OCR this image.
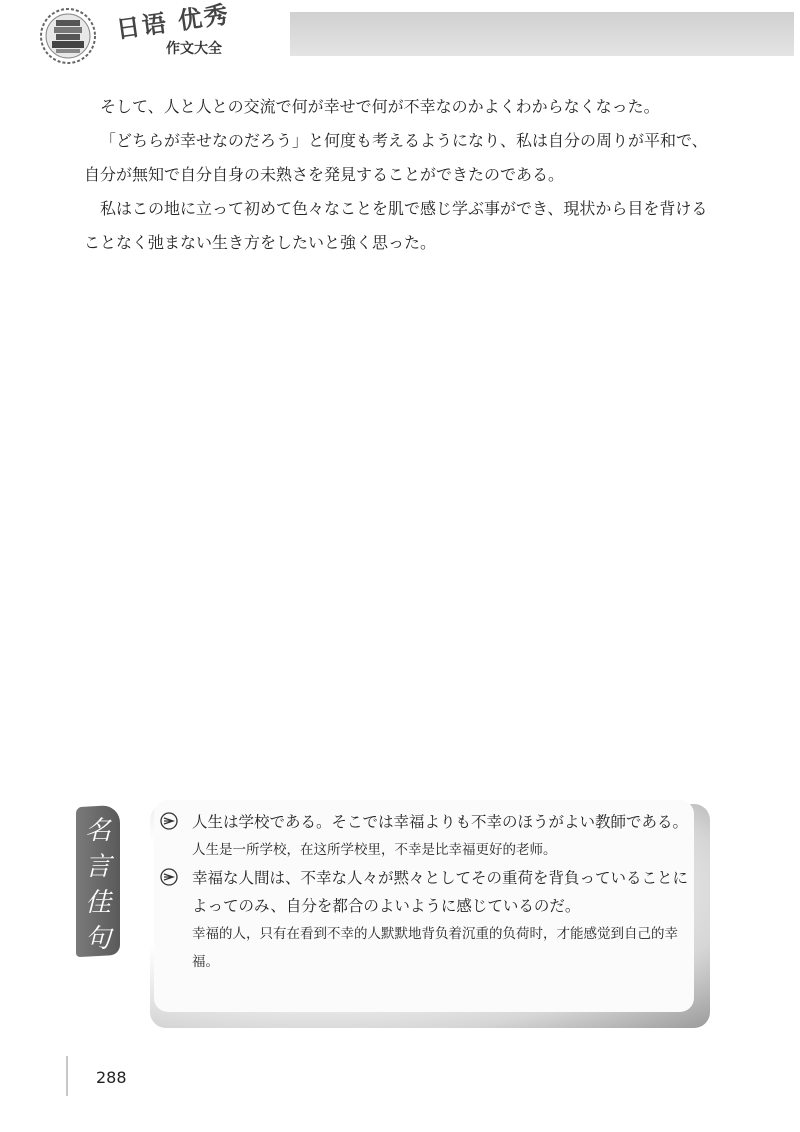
日语 优秀
作文大全

そして、人と人との交流で何が幸せで何が不幸なのかよくわからなくなった。

「どちらが幸せなのだろう」と何度も考えるようになり、私は自分の周りが平和で、自分が無知で自分自身の未熟さを発見することができたのである。

私はこの地に立って初めて色々なことを肌で感じ学ぶ事ができ、現状から目を背けることなく弛まない生き方をしたいと強く思った。

名
言
佳
句
人生は学校である。そこでは幸福よりも不幸のほうがよい教師である。
人生是一所学校，在这所学校里，不幸是比幸福更好的老师。
幸福な人間は、不幸な人々が黙々としてその重荷を背負っていることによってのみ、自分を都合のよいように感じているのだ。
幸福的人，只有在看到不幸的人默默地背负着沉重的负荷时，才能感觉到自己的幸福。
288
